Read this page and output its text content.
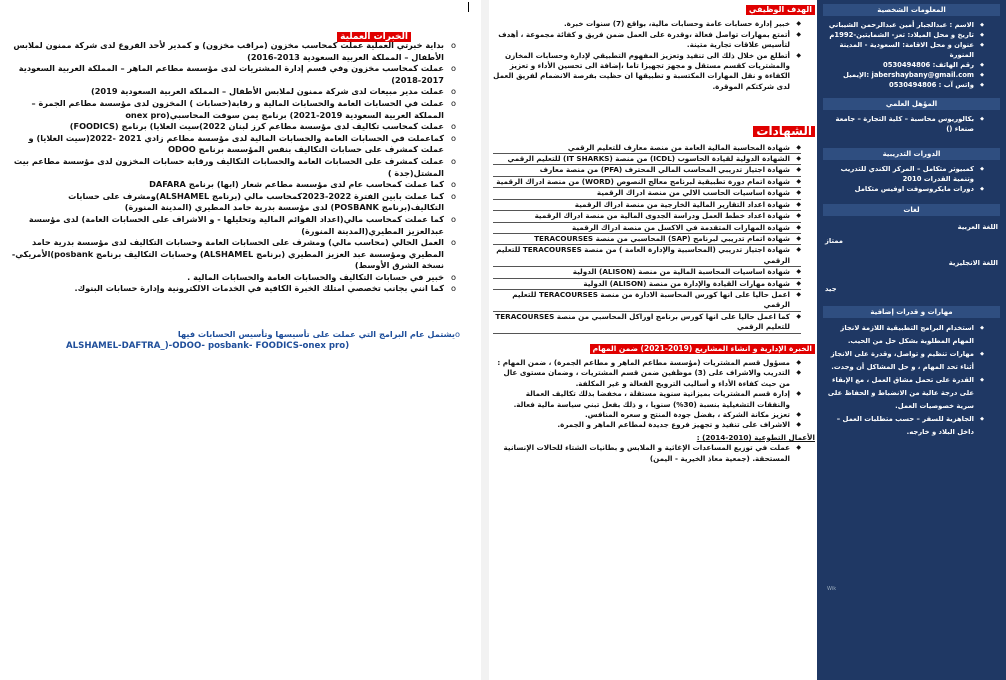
الخبرات العملية
o بداية خبرتي العملية عملت كمحاسب مخزون (مراقب مخزون) و كمدير لأحد الفروع لدى شركة ممنون لملابس الأطفال – المملكة العربية السعودية 2013-2016)
o عملت كمحاسب مخزون وفي قسم إدارة المشتريات لدى مؤسسة مطاعم الماهر – المملكة العربية السعودية 2017-2018)
o عملت مدير مبيعات لدى شركة ممنون لملابس الأطفال – المملكة العربية السعودية 2019)
o عملت في الحسابات العامة والحسابات المالية و رقابة(حسابات ) المخزون لدى مؤسسة مطاعم الجمرة – المملكة العربية السعودية 2019-2021) برنامج يمن سوفت المحاسبي(onex pro
o عملت كمحاسب تكاليف لدى مؤسسة مطاعم كرز لبنان 2022)سيت العلايا) برنامج (FOODICS)
o كماعملت في الحسابات العامة والحسابات المالية لدى مؤسسة مطاعم زادي 2021 -2022(سيت العلايا) و عملت كمشرف على حسابات التكاليف بنفس المؤسسة برنامج ODOO
o عملت كمشرف على الحسابات العامة والحسابات التكاليف ورقابة حسابات المخزون لدى مؤسسة مطاعم بيت المشتل(جدة )
o كما عملت كمحاسب عام لدى مؤسسة مطاعم شعار (ابها) برنامج DAFARA
o كما عملت بابين الفترة 2022-2023كمحاسب مالي (برنامج ALSHAMEL)ومشرف على حسابات التكاليف(برنامج POSBANK) لدى مؤسسة بدرية حامد المطيري (المدينة المنورة)
o كما عملت كمحاسب مالي(اعداد القوائم المالية وتحليلها - و الاشراف على الحسابات العامة) لدى مؤسسة عبدالعزيز المطيري(المدينة المنورة)
o العمل الحالي (محاسب مالي) ومشرف على الحسابات العامة وحسابات التكاليف لدى مؤسسة بدرية حامد المطيري ومؤسسة عبد العزيز المطيري (برنامج ALSHAMEL) وحسابات التكاليف برنامج posbank)الأمريكي-نسخة الشرق الأوسط)
o خبير في حسابات التكاليف والحسابات العامة والحسابات المالية .
o كما انني بجانب تخصصي امتلك الخبرة الكافية في الخدمات الالكترونية وإدارة حسابات البنوك.
oيشتمل عام البرامج التي عملت على تأسيسها وتأسيس الحسابات فيها
ALSHAMEL-DAFTRA_)-ODOO- posbank- FOODICS-onex pro)
الهدف الوظيفي
◆ خبير إدارة حسابات عامة وحسابات مالية، بواقع (7) سنوات خبرة.
◆ أتمتع بمهارات تواصل فعالة ،وقدرة على العمل ضمن فريق و كفائة مجموعة ، أهدف لتأسيس علاقات تجارية متينة.
◆ أتطلع من خلال ذلك الى تنفيذ وتعزيز المفهوم التطبيقي لإدارة وحسابات المخازن والمشتريات كقسم مستقل و مجهز تجهيزا تاما ،إضافة الى تحسين الأداء و تعزيز الكفاءة و نقل المهارات المكتسبة و تطبيقها ان حظيت بفرصة الانضمام لفريق العمل لدى شركتكم الموقرة.
الشهادات
◆ شهادة المحاسبة المالية العامة من منصة معارف للتعليم الرقمي
◆ الشهادة الدولية لقيادة الحاسوب (ICDL) من منصة (IT SHARKS) للتعليم الرقمي
◆ شهادة اجتياز تدريبي المحاسب المالي المحترف (PFA) من منصة معارف
◆ شهادة اتمام دورة تطبيقية لبرنامج معالج النصوص (WORD) من منصة ادراك الرقمية
◆ شهادة اساسيات الحاسب الالي من منصة ادراك الرقمية
◆ شهادة اعداد التقارير المالية الخارجية من منصة ادراك الرقمية
◆ شهادة اعداد خطط العمل ودراسة الجدوى المالية من منصة ادراك الرقمية
◆ شهادة المهارات المتقدمة في الاكسل من منصة ادراك الرقمية
◆ شهادة اتمام تدريبي لبرنامج (SAP) المحاسبي من منصة TERACOURSES
◆ شهادة اجتياز تدريبي (المحاسبية والإدارة العامة ) من منصة TERACOURSES للتعليم الرقمي
◆ شهادة اساسيات المحاسبة المالية من منصة (ALISON) الدولية
◆ شهادة مهارات القيادة والإدارة من منصة (ALISON) الدولية
◆ اعمل حاليا على انها كورس المحاسبة الادارة من منصة TERACOURSES للتعليم الرقمي
◆ كما اعمل حاليا على انها كورس برنامج اوراكل المحاسبي من منصة TERACOURSES للتعليم الرقمي
الخبرة الإدارية و انشاء المشاريع (2019-2021) ضمن المهام
◆ مسؤول قسم المشتريات (مؤسسة مطاعم الماهر و مطاعم الجمرة) ، ضمن المهام :
◆ التدريب والاشراف على (3) موظفين ضمن قسم المشتريات ، وضمان مستوى عال من حيث كفاءة الأداء و أساليب الترويج الفعالة و غير المكلفة.
◆ إدارة قسم المشتريات بميزانية سنوية مستقلة ، مخفضا بذلك تكاليف العمالة والنفقات التشغيلية بنسبة (30%) سنويا ، و ذلك بفعل تبني سياسة مالية فعالة.
◆ تعزيز مكانة الشركة ، بفضل جودة المنتج و سعره المنافس.
◆ الاشراف على تنفيذ و تجهيز فروع جديدة لمطاعم الماهر و الجمرة.
الأعمال التطوعية (2010-2014) :
◆ عملت في توزيع المساعدات الإغاثية و الملابس و بطانيات الشتاء للحالات الإنسانية المستحقة. (جمعية معاذ الخيرية - اليمن)
المعلومات الشخصية
◆ الاسم : عبدالجبار أمين عبدالرحمن الشيباني
◆ تاريخ و محل الميلاد: تعز- الشمايتين-1992م
◆ عنوان و محل الاقامة: السعودية - المدينة المنورة
◆ رقم الهاتف: 0530494806
◆ jabershaybany@gmail.com :الإيميل
◆ واتس آب : 0530494806
المؤهل العلمي
◆ بكالوريوس محاسبة – كلية التجارة – جامعة صنعاء ()
الدورات التدريبية
◆ كمبيوتر متكامل – المركز الكندي للتدريب وتنمية القدرات 2010
◆ دورات مايكروسوفت اوفيس متكامل
لغات
اللغة العربية
ممتاز
اللغة الانجليزية
جيد
مهارات و قدرات إضافية
◆ استخدام البرامج التطبيقية اللازمة لانجاز المهام المطلوبة بشكل حل من الحيب.
◆ مهارات تنظيم و تواصل، وقدرة على الانجاز أثناء تحد المهام ، و حل المشاكل أن وجدت.
◆ القدرة على تحمل مشاق العمل ، مع الإبقاء على درجة عالية من الانضباط و الحفاظ على سرية خصوصيات العمل.
◆ الجاهزية للسفر – حسب متطلبات العمل – داخل البلاد و خارجه.
Wik
